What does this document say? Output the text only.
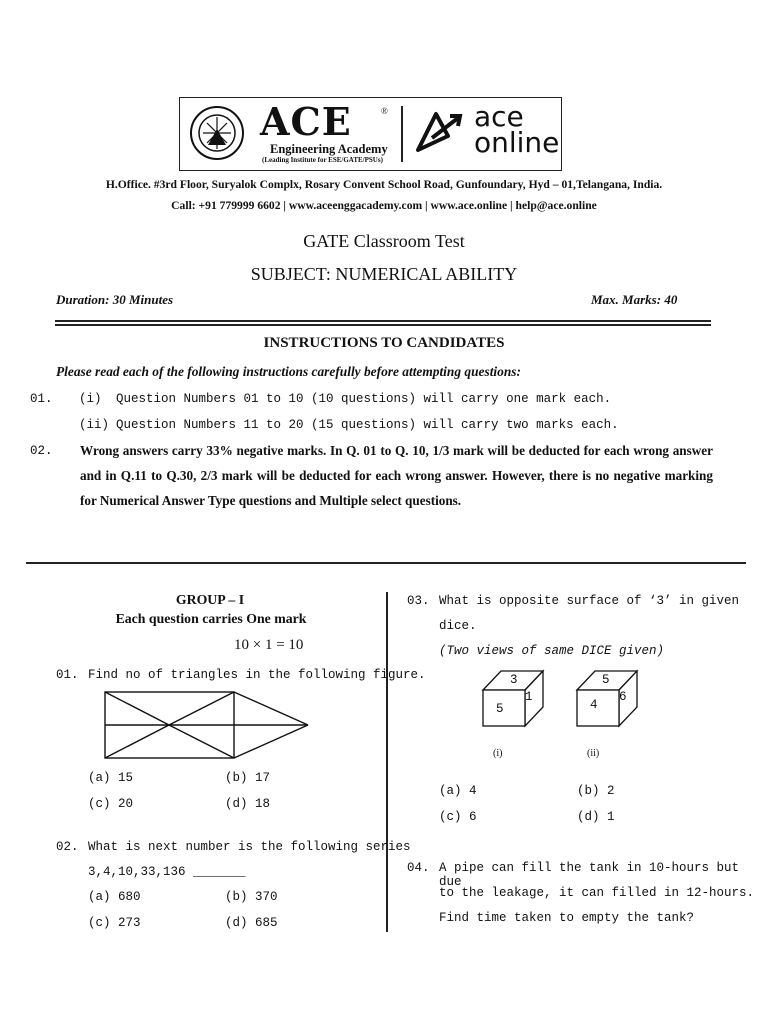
ACE	®
Engineering Academy
(Leading Institute for ESE/GATE/PSUs)
ace
online
H.Office. #3rd Floor, Suryalok Complx, Rosary Convent School Road, Gunfoundary, Hyd – 01,Telangana, India.
Call: +91 779999 6602 | www.aceenggacademy.com | www.ace.online | help@ace.online
GATE Classroom Test
SUBJECT: NUMERICAL ABILITY
Duration: 30 Minutes	Max. Marks: 40
INSTRUCTIONS TO CANDIDATES
Please read each of the following instructions carefully before attempting questions:
01. (i) Question Numbers 01 to 10 (10 questions) will carry one mark each.
(ii) Question Numbers 11 to 20 (15 questions) will carry two marks each.
02. Wrong answers carry 33% negative marks. In Q. 01 to Q. 10, 1/3 mark will be deducted for each wrong answer and in Q.11 to Q.30, 2/3 mark will be deducted for each wrong answer. However, there is no negative marking for Numerical Answer Type questions and Multiple select questions.
GROUP – I
Each question carries One mark
10 × 1 = 10
01. Find no of triangles in the following figure.
(a) 15	(b) 17
(c) 20	(d) 18
02. What is next number is the following series
3,4,10,33,136 _______
(a) 680	(b) 370
(c) 273	(d) 685
03. What is opposite surface of ‘3’ in given
dice.
(Two views of same DICE given)
3
1
5
(i)
5
6
4
(ii)
(a) 4	(b) 2
(c) 6	(d) 1
04. A pipe can fill the tank in 10-hours but due
to the leakage, it can filled in 12-hours.
Find time taken to empty the tank?
